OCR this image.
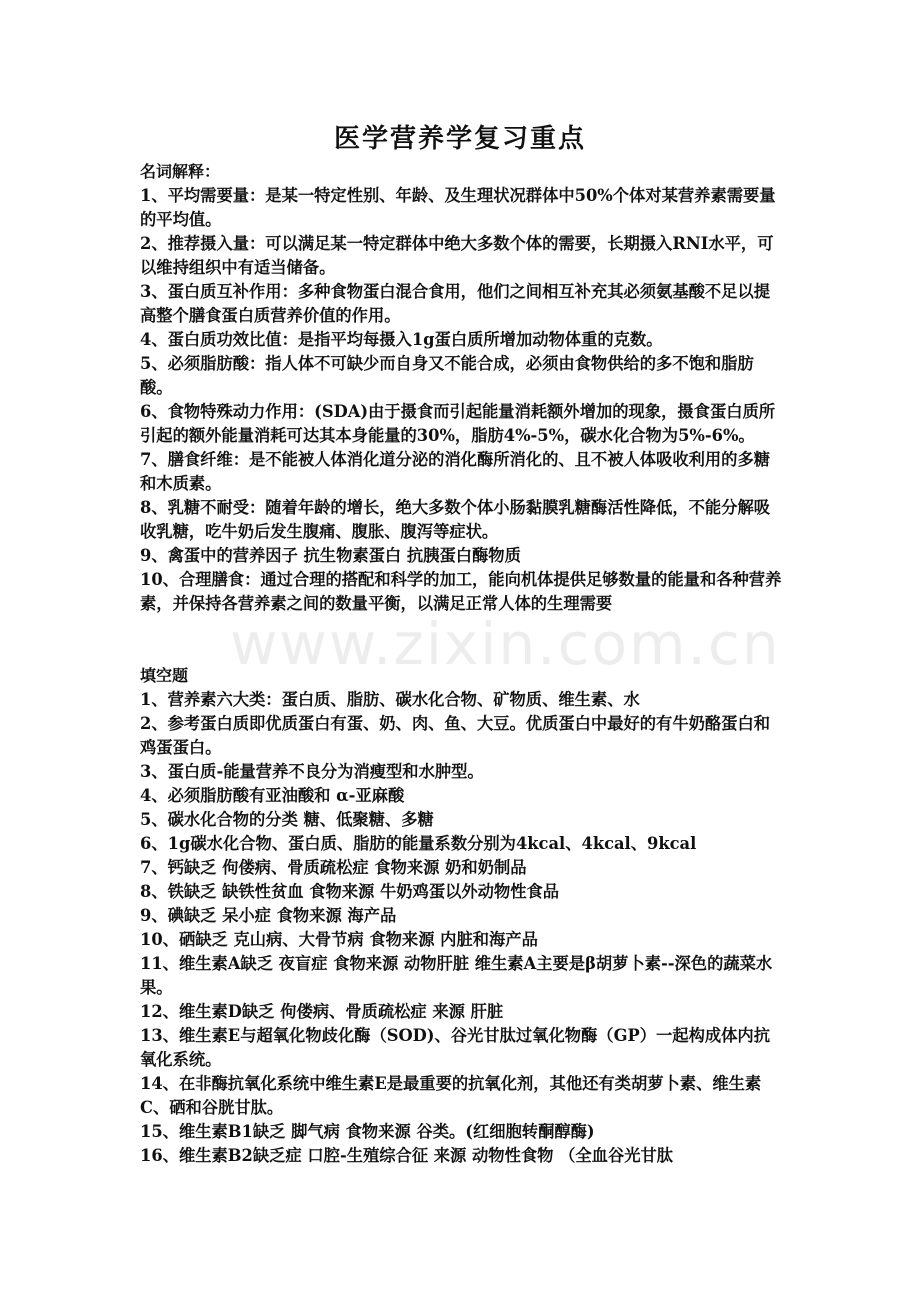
www.zixin.com.cn
医学营养学复习重点
名词解释：

1、平均需要量：是某一特定性别、年龄、及生理状况群体中50%个体对某营养素需要量的平均值。

2、推荐摄入量：可以满足某一特定群体中绝大多数个体的需要，长期摄入RNI水平，可以维持组织中有适当储备。

3、蛋白质互补作用：多种食物蛋白混合食用，他们之间相互补充其必须氨基酸不足以提高整个膳食蛋白质营养价值的作用。

4、蛋白质功效比值：是指平均每摄入1g蛋白质所增加动物体重的克数。

5、必须脂肪酸：指人体不可缺少而自身又不能合成，必须由食物供给的多不饱和脂肪酸。

6、食物特殊动力作用：(SDA)由于摄食而引起能量消耗额外增加的现象，摄食蛋白质所引起的额外能量消耗可达其本身能量的30%，脂肪4%-5%，碳水化合物为5%-6%。

7、膳食纤维：是不能被人体消化道分泌的消化酶所消化的、且不被人体吸收利用的多糖和木质素。

8、乳糖不耐受：随着年龄的增长，绝大多数个体小肠黏膜乳糖酶活性降低，不能分解吸收乳糖，吃牛奶后发生腹痛、腹胀、腹泻等症状。

9、禽蛋中的营养因子 抗生物素蛋白 抗胰蛋白酶物质

10、合理膳食：通过合理的搭配和科学的加工，能向机体提供足够数量的能量和各种营养素，并保持各营养素之间的数量平衡，以满足正常人体的生理需要

填空题

1、营养素六大类：蛋白质、脂肪、碳水化合物、矿物质、维生素、水

2、参考蛋白质即优质蛋白有蛋、奶、肉、鱼、大豆。优质蛋白中最好的有牛奶酪蛋白和鸡蛋蛋白。

3、蛋白质-能量营养不良分为消瘦型和水肿型。

4、必须脂肪酸有亚油酸和 α-亚麻酸

5、碳水化合物的分类 糖、低聚糖、多糖

6、1g碳水化合物、蛋白质、脂肪的能量系数分别为4kcal、4kcal、9kcal

7、钙缺乏 佝偻病、骨质疏松症 食物来源 奶和奶制品

8、铁缺乏 缺铁性贫血 食物来源 牛奶鸡蛋以外动物性食品

9、碘缺乏 呆小症 食物来源 海产品

10、硒缺乏 克山病、大骨节病 食物来源 内脏和海产品

11、维生素A缺乏 夜盲症 食物来源 动物肝脏 维生素A主要是β胡萝卜素--深色的蔬菜水果。

12、维生素D缺乏 佝偻病、骨质疏松症 来源 肝脏

13、维生素E与超氧化物歧化酶（SOD)、谷光甘肽过氧化物酶（GP）一起构成体内抗氧化系统。

14、在非酶抗氧化系统中维生素E是最重要的抗氧化剂，其他还有类胡萝卜素、维生素C、硒和谷胱甘肽。

15、维生素B1缺乏 脚气病 食物来源 谷类。(红细胞转酮醇酶)

16、维生素B2缺乏症 口腔-生殖综合征 来源 动物性食物 （全血谷光甘肽
